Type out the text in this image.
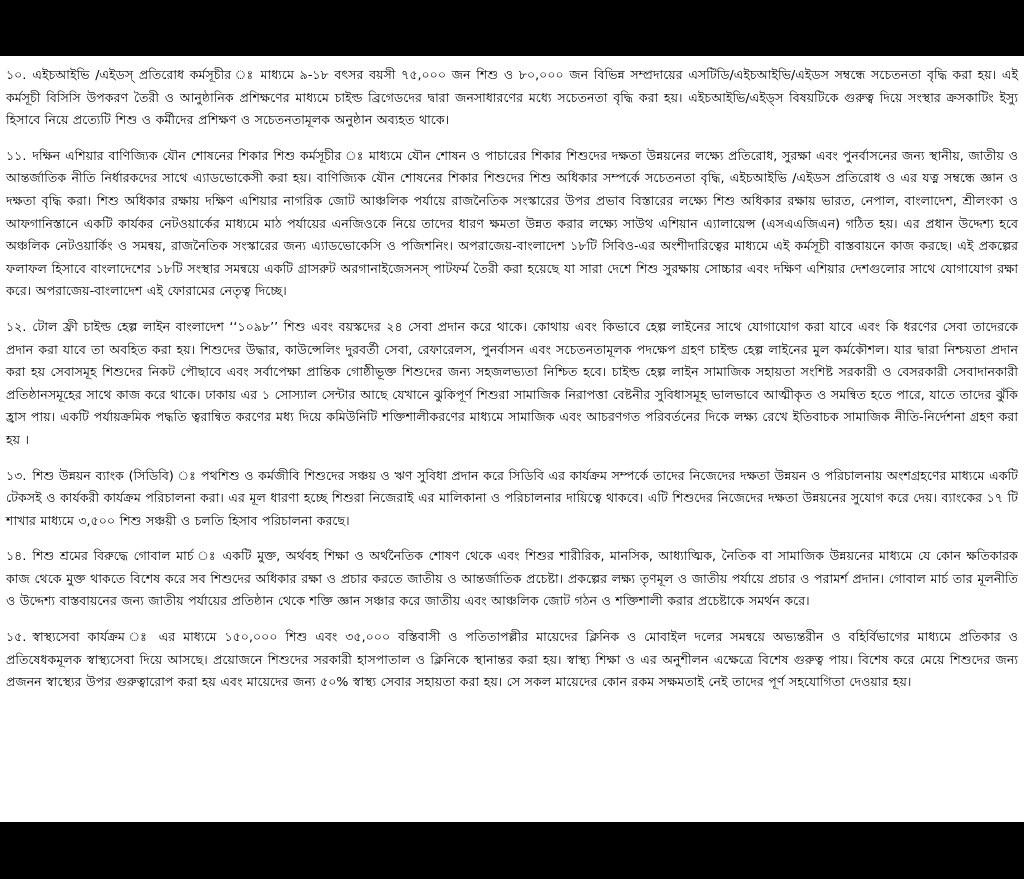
১০. এইচআইভি /এইডস্‌ প্রতিরোধ কর্মসূচীর ঃ মাধ্যমে ৯-১৮ বৎসর বয়সী ৭৫,০০০ জন শিশু ও ৮০,০০০ জন বিভিন্ন সম্প্রদায়ের এসটিডি/এইচআইভি/এইডস সম্বন্ধে সচেতনতা বৃদ্ধি করা হয়। এই কর্মসূচী বিসিসি উপকরণ তৈরী ও আনুষ্ঠানিক প্রশিক্ষণের মাধ্যমে চাইল্ড ব্রিগেডদের দ্বারা জনসাধারণের মধ্যে সচেতনতা বৃদ্ধি করা হয়। এইচআইভি/এইড্স বিষয়টিকে গুরুত্ব দিয়ে সংস্থার ক্রসকাটিং ইস্যু হিসাবে নিয়ে প্রত্যেটি শিশু ও কর্মীদের প্রশিক্ষণ ও সচেতনতামূলক অনুষ্ঠান অব্যহত থাকে।

১১. দক্ষিন এশিয়ার বাণিজ্যিক যৌন শোষনের শিকার শিশু কর্মসূচীর ঃ মাধ্যমে যৌন শোষন ও পাচারের শিকার শিশুদের দক্ষতা উন্নয়নের লক্ষ্যে প্রতিরোধ, সুরক্ষা এবং পুনর্বাসনের জন্য স্থানীয়, জাতীয় ও আন্তর্জাতিক নীতি নির্ধারকদের সাথে এ্যাডভোকেসী করা হয়। বাণিজ্যিক যৌন শোষনের শিকার শিশুদের শিশু অধিকার সম্পর্কে সচেতনতা বৃদ্ধি, এইচআইভি /এইডস প্রতিরোধ ও এর যত্ন সম্বন্ধে জ্ঞান ও দক্ষতা বৃদ্ধি করা। শিশু অধিকার রক্ষায় দক্ষিণ এশিয়ার নাগরিক জোট আঞ্চলিক পর্যায়ে রাজনৈতিক সংস্কারের উপর প্রভাব বিস্তারের লক্ষ্যে শিশু অধিকার রক্ষায় ভারত, নেপাল, বাংলাদেশ, শ্রীলংকা ও আফগানিস্তানে একটি কার্যকর নেটওয়ার্কের মাধ্যমে মাঠ পর্যায়ের এনজিওকে নিয়ে তাদের ধারণ ক্ষমতা উন্নত করার লক্ষ্যে সাউথ এশিয়ান এ্যালায়েন্স (এসএএজিএন) গঠিত হয়। এর প্রধান উদ্দেশ্য হবে অঞ্চলিক নেটওয়ার্কিং ও সমন্বয়, রাজনৈতিক সংস্কারের জন্য এ্যাডভোকেসি ও পজিশনিং। অপরাজেয়-বাংলাদেশ ১৮টি সিবিও-এর অংশীদারিত্বের মাধ্যমে এই কর্মসূচী বাস্তবায়নে কাজ করছে। এই প্রকল্পের ফলাফল হিসাবে বাংলাদেশের ১৮টি সংস্থার সমন্বয়ে একটি গ্রাসরুট অরগানাইজেসনস্‌ পাটফর্ম তৈরী করা হয়েছে যা সারা দেশে শিশু সুরক্ষায় সোচ্চার এবং দক্ষিণ এশিয়ার দেশগুলোর সাথে যোগাযোগ রক্ষা করে। অপরাজেয়-বাংলাদেশ এই ফোরামের নেতৃত্ব দিচ্ছে।

১২. টোল ফ্রী চাইল্ড হেল্প লাইন বাংলাদেশ ‘‘১০৯৮’’ শিশু এবং বয়স্কদের ২৪ সেবা প্রদান করে থাকে। কোথায় এবং কিভাবে হেল্প লাইনের সাথে যোগাযোগ করা যাবে এবং কি ধরণের সেবা তাদেরকে প্রদান করা যাবে তা অবহিত করা হয়। শিশুদের উদ্ধার, কাউন্সেলিং দুরবর্তী সেবা, রেফারেলস, পুনর্বাসন এবং সচেতনতামূলক পদক্ষেপ গ্রহণ চাইল্ড হেল্প লাইনের মুল কর্মকৌশল। যার দ্বারা নিশ্চয়তা প্রদান করা হয় সেবাসমূহ শিশুদের নিকট পৌছাবে এবং সর্বাপেক্ষা প্রান্তিক গোষ্ঠীভূক্ত শিশুদের জন্য সহজলভ্যতা নিশ্চিত হবে। চাইল্ড হেল্প লাইন সামাজিক সহায়তা সংশিষ্ট সরকারী ও বেসরকারী সেবাদানকারী প্রতিষ্ঠানসমূহের সাথে কাজ করে থাকে। ঢাকায় এর ১ সোস্যাল সেন্টার আছে যেখানে ঝুকিপূর্ণ শিশুরা সামাজিক নিরাপত্তা বেষ্টনীর সুবিধাসমূহ ভালভাবে আত্মীকৃত ও সমন্বিত হতে পারে, যাতে তাদের ঝুঁকি হ্রাস পায়। একটি পর্যায়ক্রমিক পদ্ধতি ত্বরান্বিত করণের মধ্য দিয়ে কমিউনিটি শক্তিশালীকরণের মাধ্যমে সামাজিক এবং আচরণগত পরিবর্তনের দিকে লক্ষ্য রেখে ইতিবাচক সামাজিক নীতি-নির্দেশনা গ্রহণ করা হয় ।

১৩. শিশু উন্নয়ন ব্যাংক (সিডিবি) ঃ পথশিশু ও কর্মজীবি শিশুদের সঞ্চয় ও ঋণ সুবিধা প্রদান করে সিডিবি এর কার্যক্রম সম্পর্কে তাদের নিজেদের দক্ষতা উন্নয়ন ও পরিচালনায় অংশগ্রহণের মাধ্যমে একটি টেকসই ও কার্যকরী কার্যক্রম পরিচালনা করা। এর মূল ধারণা হচ্ছে শিশুরা নিজেরাই এর মালিকানা ও পরিচালনার দায়িত্বে থাকবে। এটি শিশুদের নিজেদের দক্ষতা উন্নয়নের সুযোগ করে দেয়। ব্যাংকের ১৭ টি শাখার মাধ্যমে ৩,৫০০ শিশু সঞ্চয়ী ও চলতি হিসাব পরিচালনা করছে।

১৪. শিশু শ্রমের বিরুদ্ধে গোবাল মার্চ ঃ একটি মুক্ত, অর্থবহ শিক্ষা ও অর্থনৈতিক শোষণ থেকে এবং শিশুর শারীরিক, মানসিক, আধ্যাত্মিক, নৈতিক বা সামাজিক উন্নয়নের মাধ্যমে যে কোন ক্ষতিকারক কাজ থেকে মুক্ত থাকতে বিশেষ করে সব শিশুদের অধিকার রক্ষা ও প্রচার করতে জাতীয় ও আন্তর্জাতিক প্রচেষ্টা। প্রকল্পের লক্ষ্য তৃণমূল ও জাতীয় পর্যায়ে প্রচার ও পরামর্শ প্রদান। গোবাল মার্চ তার মূলনীতি ও উদ্দেশ্য বাস্তবায়নের জন্য জাতীয় পর্যায়ের প্রতিষ্ঠান থেকে শক্তি জ্ঞান সঞ্চার করে জাতীয় এবং আঞ্চলিক জোট গঠন ও শক্তিশালী করার প্রচেষ্টাকে সমর্থন করে।

১৫. স্বাস্থ্যসেবা কার্যক্রম ঃ এর মাধ্যমে ১৫০,০০০ শিশু এবং ৩৫,০০০ বস্তিবাসী ও পতিতাপল্লীর মায়েদের ক্লিনিক ও মোবাইল দলের সমন্বয়ে অভ্যন্তরীন ও বহির্বিভাগের মাধ্যমে প্রতিকার ও প্রতিষেধকমূলক স্বাস্থ্যসেবা দিয়ে আসছে। প্রয়োজনে শিশুদের সরকারী হাসপাতাল ও ক্লিনিকে স্থানান্তর করা হয়। স্বাস্থ্য শিক্ষা ও এর অনুশীলন এক্ষেত্রে বিশেষ গুরুত্ব পায়। বিশেষ করে মেয়ে শিশুদের জন্য প্রজনন স্বাস্থ্যের উপর গুরুত্বারোপ করা হয় এবং মায়েদের জন্য ৫০% স্বাস্থ্য সেবার সহায়তা করা হয়। সে সকল মায়েদের কোন রকম সক্ষমতাই নেই তাদের পূর্ণ সহযোগিতা দেওয়ার হয়।
